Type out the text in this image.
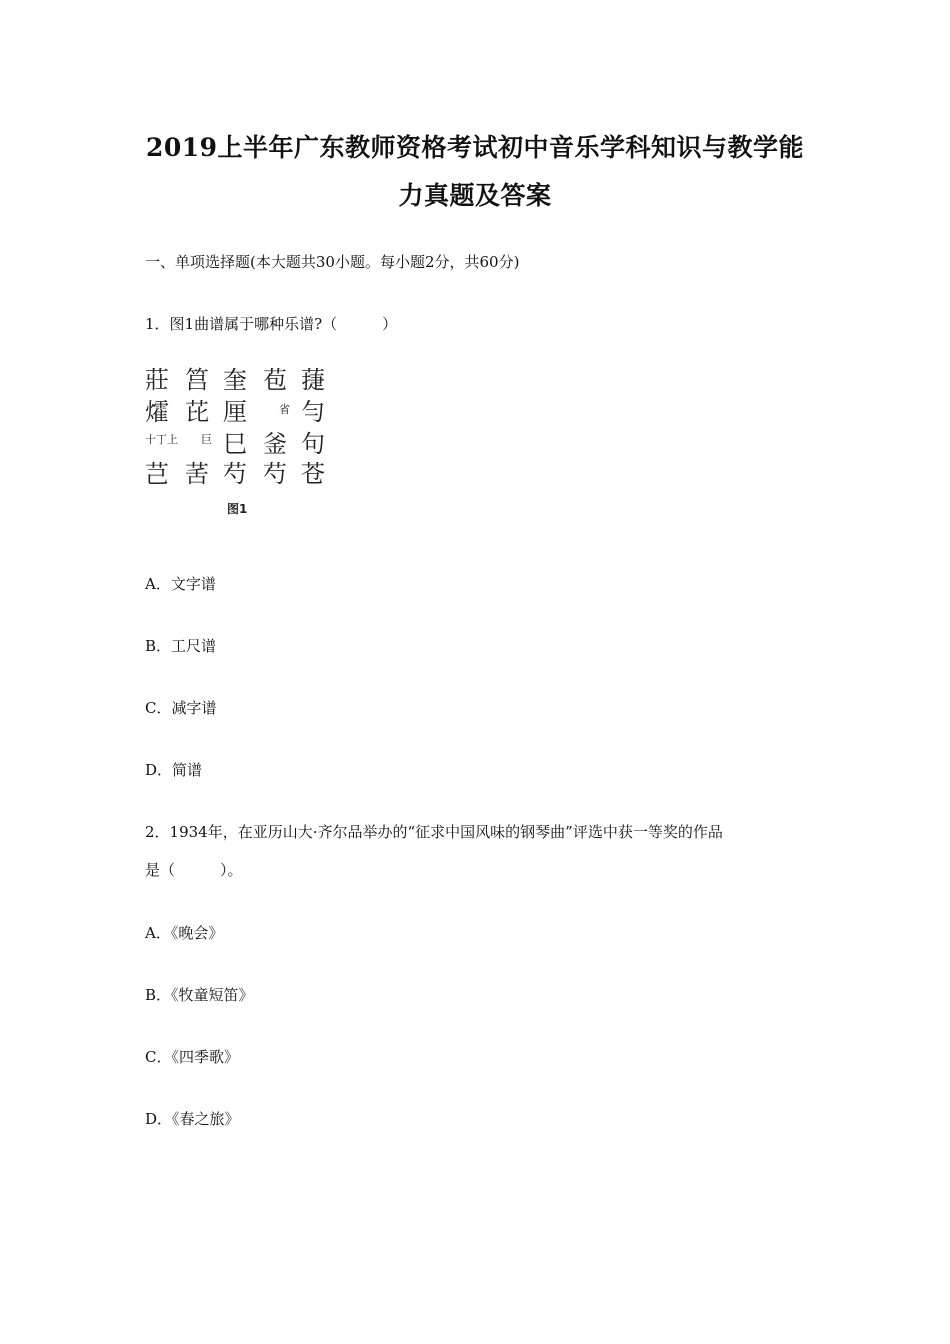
2019上半年广东教师资格考试初中音乐学科知识与教学能
力真题及答案
一、单项选择题(本大题共30小题。每小题2分，共60分)
1．图1曲谱属于哪种乐谱?（　　　）
莊
㸌
十丁上
芑
筥
芘
巨
䒷
奎
厘
巳
芍
苞
省
釜
芍
蓵
勻
句
苍
图1
A．文字谱
B．工尺谱
C．减字谱
D．简谱
2．1934年，在亚历山大·齐尔品举办的“征求中国风味的钢琴曲”评选中获一等奖的作品
是（　　　）。
A．《晚会》
B．《牧童短笛》
C．《四季歌》
D．《春之旅》
